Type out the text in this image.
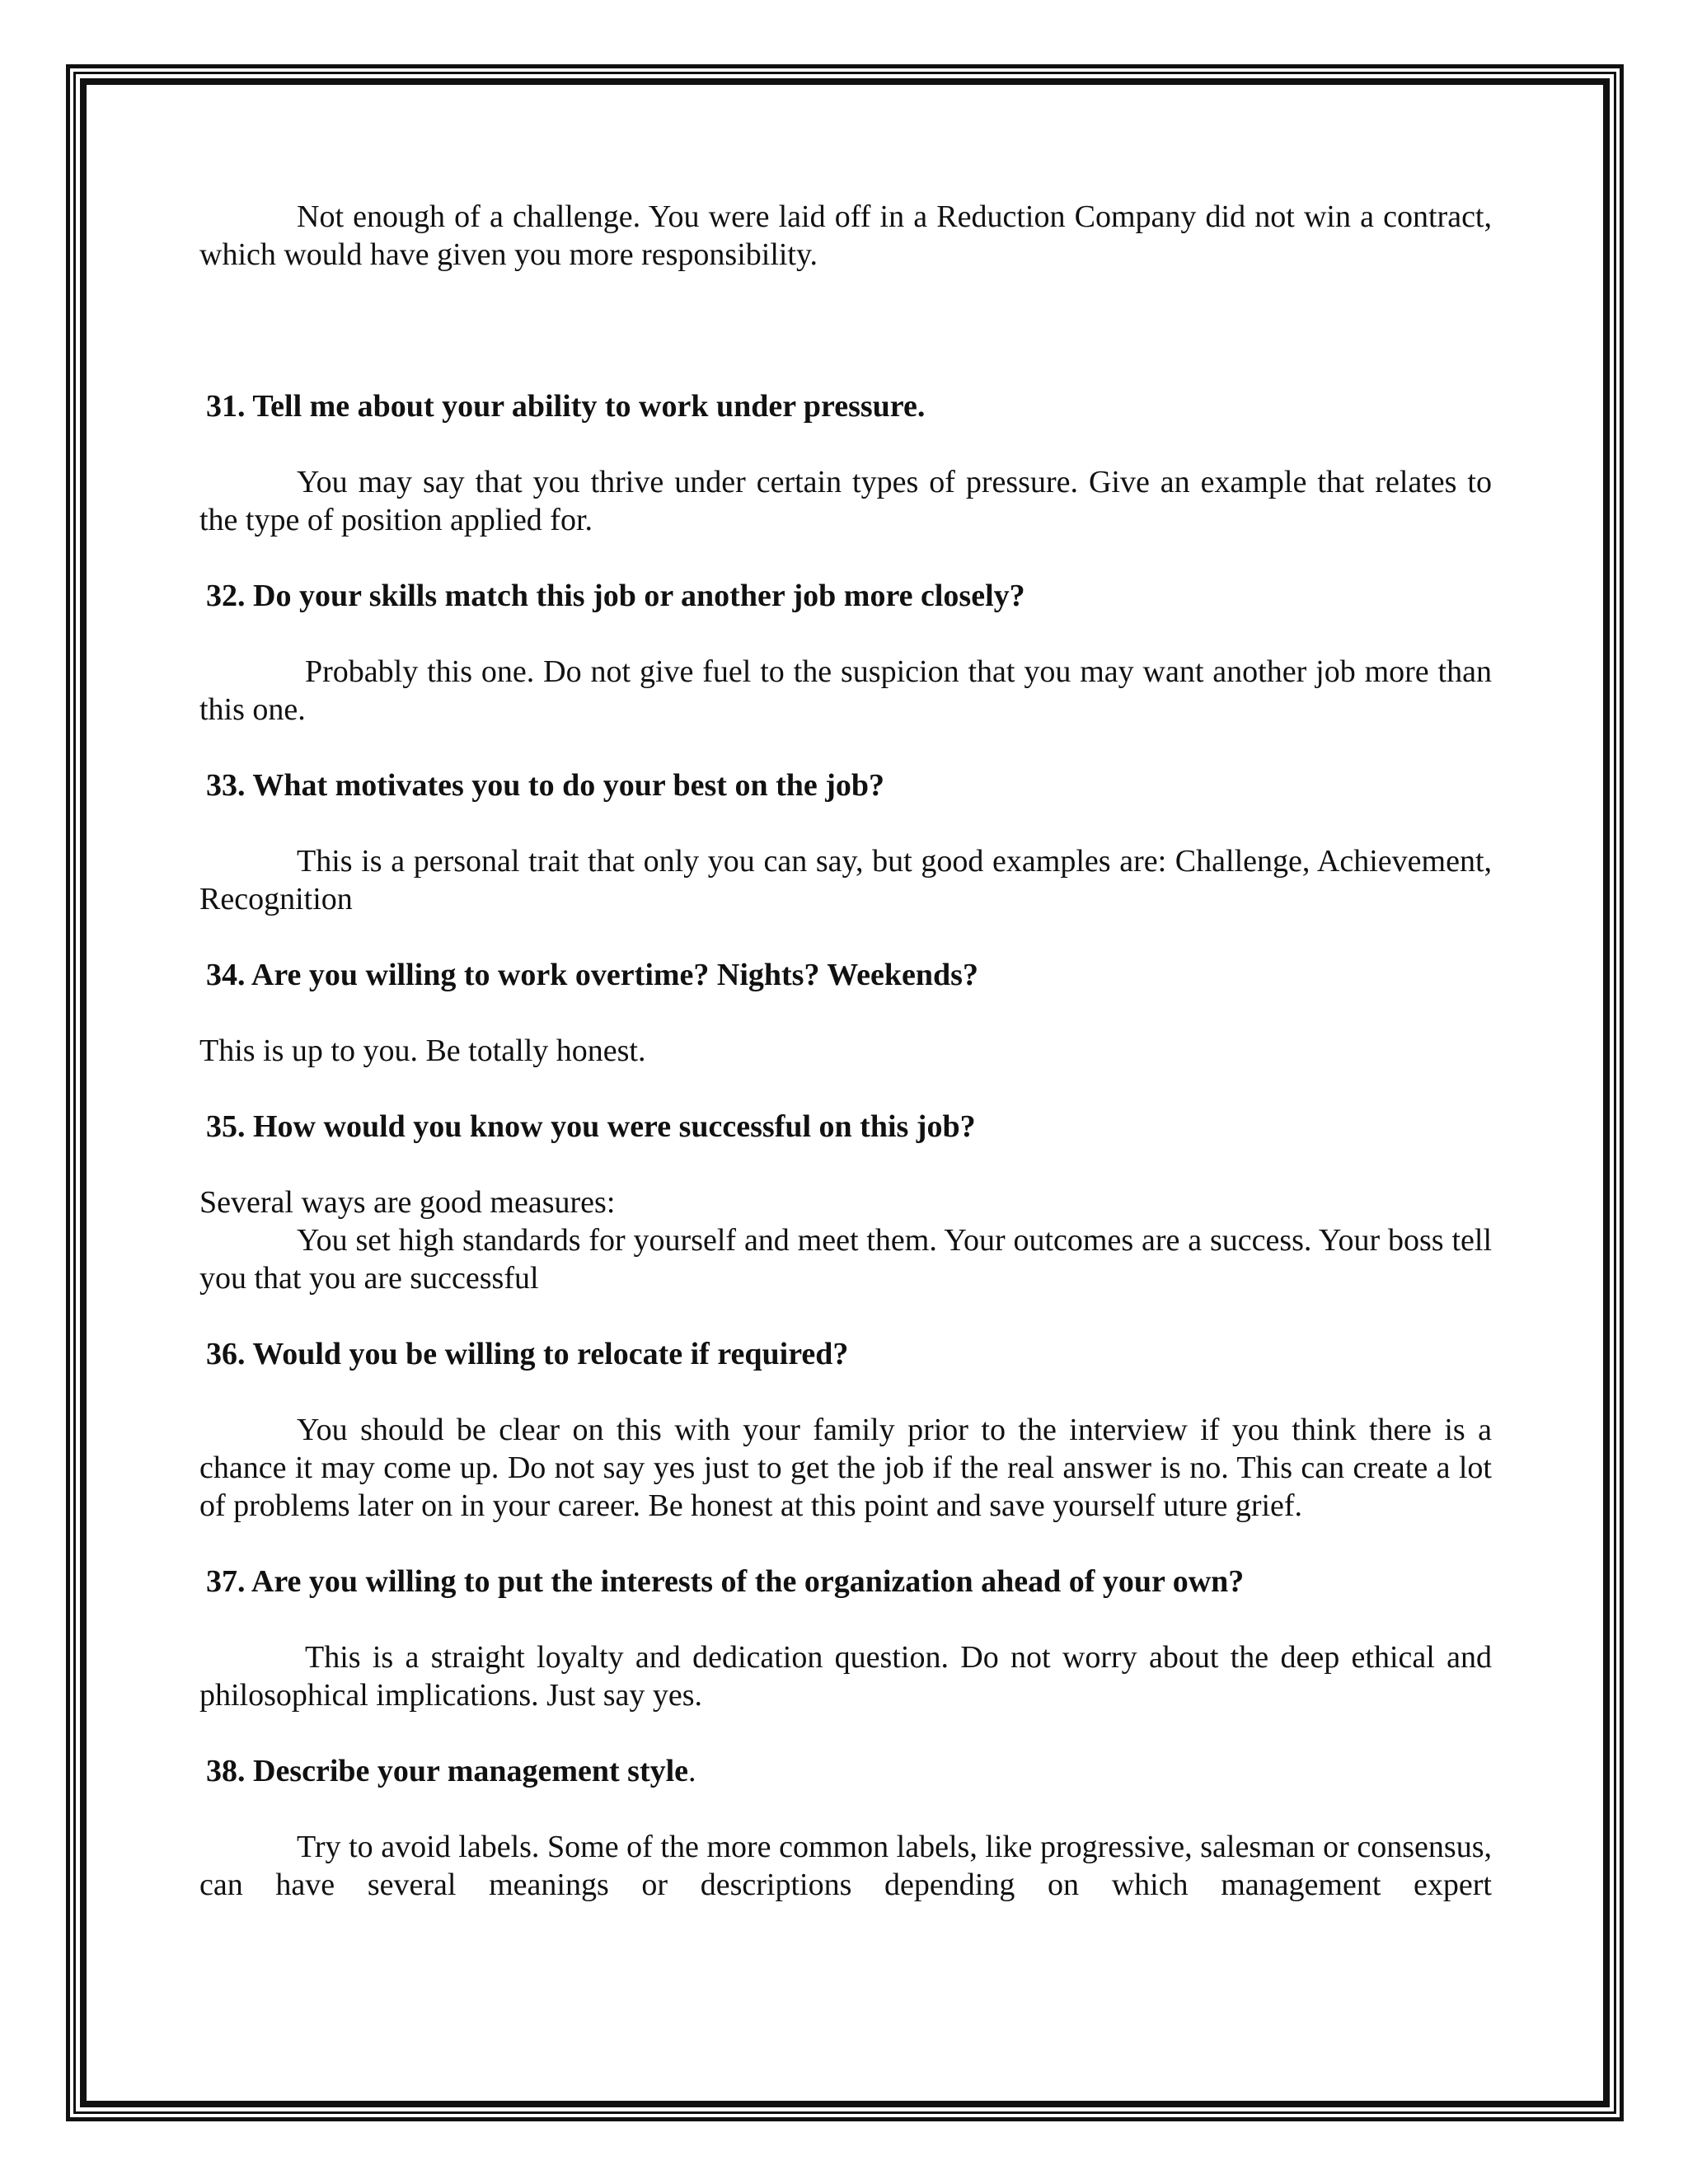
Not enough of a challenge. You were laid off in a Reduction Company did not win a contract, which would have given you more responsibility.

31. Tell me about your ability to work under pressure.

You may say that you thrive under certain types of pressure. Give an example that relates to the type of position applied for.

32. Do your skills match this job or another job more closely?

Probably this one. Do not give fuel to the suspicion that you may want another job more than this one.

33. What motivates you to do your best on the job?

This is a personal trait that only you can say, but good examples are: Challenge, Achievement, Recognition

34. Are you willing to work overtime? Nights? Weekends?

This is up to you. Be totally honest.

35. How would you know you were successful on this job?

Several ways are good measures:

You set high standards for yourself and meet them. Your outcomes are a success. Your boss tell you that you are successful

36. Would you be willing to relocate if required?

You should be clear on this with your family prior to the interview if you think there is a chance it may come up. Do not say yes just to get the job if the real answer is no. This can create a lot of problems later on in your career. Be honest at this point and save yourself uture grief.

37. Are you willing to put the interests of the organization ahead of your own?

This is a straight loyalty and dedication question. Do not worry about the deep ethical and philosophical implications. Just say yes.

38. Describe your management style.

Try to avoid labels. Some of the more common labels, like progressive, salesman or consensus, can have several meanings or descriptions depending on which management expert
